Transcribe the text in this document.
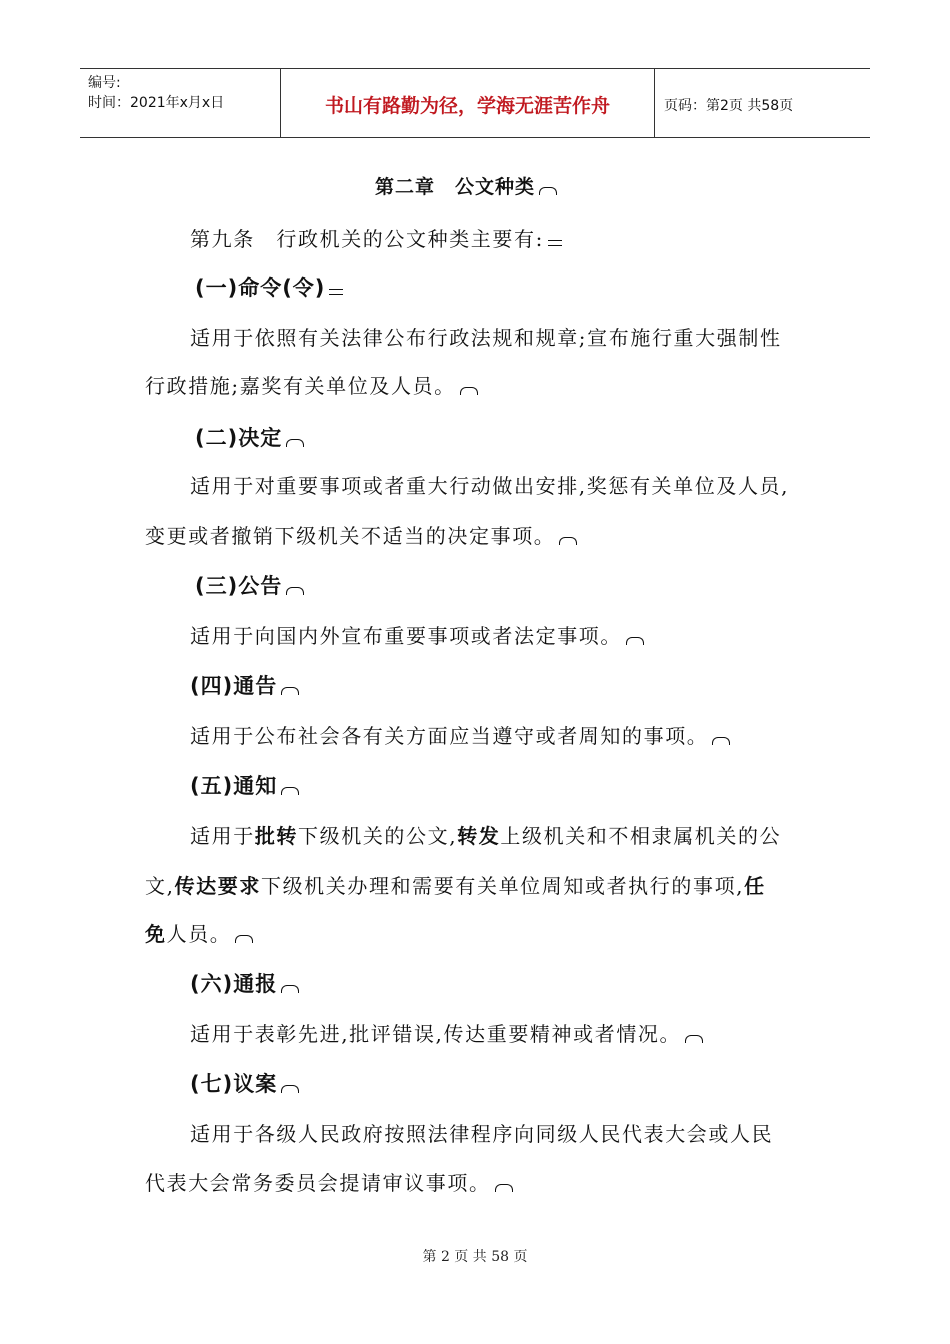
编号:
时间：2021年x月x日	书山有路勤为径，学海无涯苦作舟	页码：第2页 共58页
第二章　公文种类
第九条　行政机关的公文种类主要有:
(一)命令(令)
适用于依照有关法律公布行政法规和规章;宣布施行重大强制性
行政措施;嘉奖有关单位及人员。
(二)决定
适用于对重要事项或者重大行动做出安排,奖惩有关单位及人员,
变更或者撤销下级机关不适当的决定事项。
(三)公告
适用于向国内外宣布重要事项或者法定事项。
(四)通告
适用于公布社会各有关方面应当遵守或者周知的事项。
(五)通知
适用于批转下级机关的公文,转发上级机关和不相隶属机关的公
文,传达要求下级机关办理和需要有关单位周知或者执行的事项,任
免人员。
(六)通报
适用于表彰先进,批评错误,传达重要精神或者情况。
(七)议案
适用于各级人民政府按照法律程序向同级人民代表大会或人民
代表大会常务委员会提请审议事项。
第 2 页 共 58 页
